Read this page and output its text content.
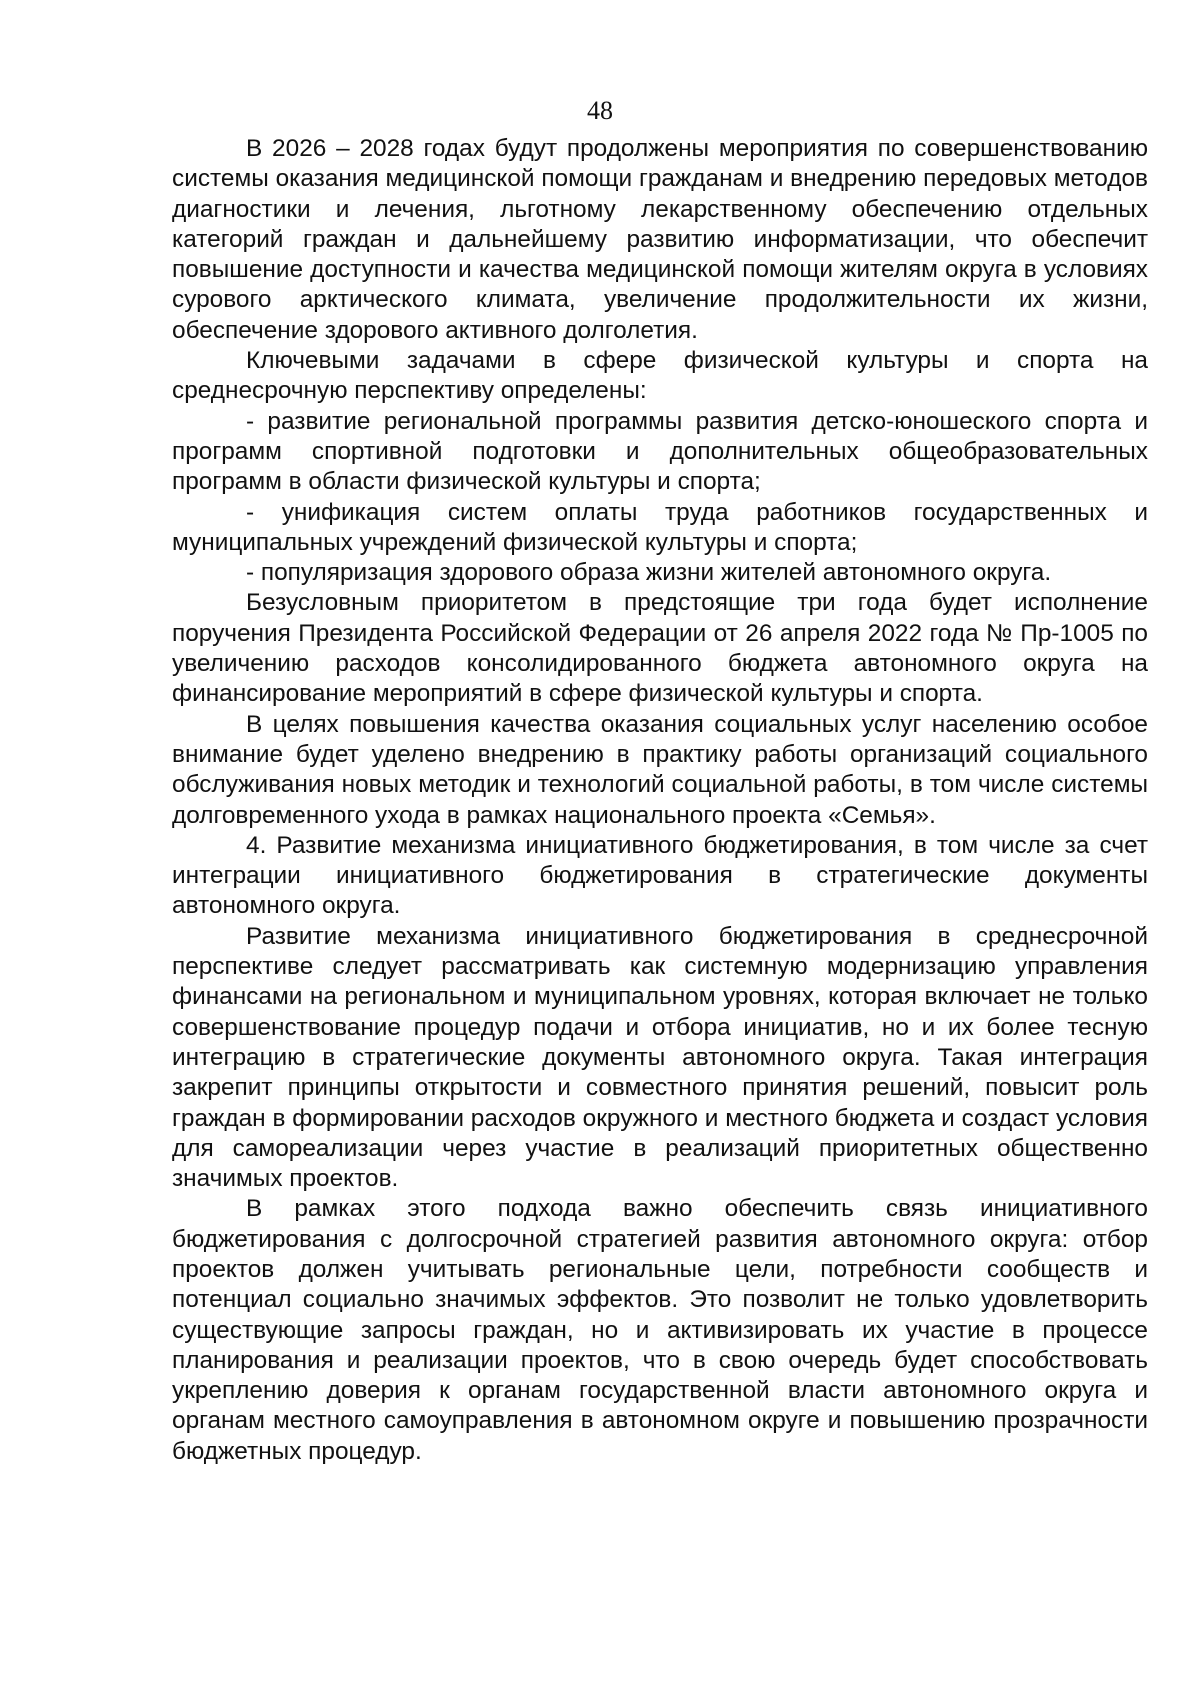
48

В 2026 – 2028 годах будут продолжены мероприятия по совершенствованию системы оказания медицинской помощи гражданам и внедрению передовых методов диагностики и лечения, льготному лекарственному обеспечению отдельных категорий граждан и дальнейшему развитию информатизации, что обеспечит повышение доступности и качества медицинской помощи жителям округа в условиях сурового арктического климата, увеличение продолжительности их жизни, обеспечение здорового активного долголетия.

Ключевыми задачами в сфере физической культуры и спорта на среднесрочную перспективу определены:

- развитие региональной программы развития детско-юношеского спорта и программ спортивной подготовки и дополнительных общеобразовательных программ в области физической культуры и спорта;

- унификация систем оплаты труда работников государственных и муниципальных учреждений физической культуры и спорта;

- популяризация здорового образа жизни жителей автономного округа.

Безусловным приоритетом в предстоящие три года будет исполнение поручения Президента Российской Федерации от 26 апреля 2022 года № Пр-1005 по увеличению расходов консолидированного бюджета автономного округа на финансирование мероприятий в сфере физической культуры и спорта.

В целях повышения качества оказания социальных услуг населению особое внимание будет уделено внедрению в практику работы организаций социального обслуживания новых методик и технологий социальной работы, в том числе системы долговременного ухода в рамках национального проекта «Семья».

4. Развитие механизма инициативного бюджетирования, в том числе за счет интеграции инициативного бюджетирования в стратегические документы автономного округа.

Развитие механизма инициативного бюджетирования в среднесрочной перспективе следует рассматривать как системную модернизацию управления финансами на региональном и муниципальном уровнях, которая включает не только совершенствование процедур подачи и отбора инициатив, но и их более тесную интеграцию в стратегические документы автономного округа. Такая интеграция закрепит принципы открытости и совместного принятия решений, повысит роль граждан в формировании расходов окружного и местного бюджета и создаст условия для самореализации через участие в реализаций приоритетных общественно значимых проектов.

В рамках этого подхода важно обеспечить связь инициативного бюджетирования с долгосрочной стратегией развития автономного округа: отбор проектов должен учитывать региональные цели, потребности сообществ и потенциал социально значимых эффектов. Это позволит не только удовлетворить существующие запросы граждан, но и активизировать их участие в процессе планирования и реализации проектов, что в свою очередь будет способствовать укреплению доверия к органам государственной власти автономного округа и органам местного самоуправления в автономном округе и повышению прозрачности бюджетных процедур.
